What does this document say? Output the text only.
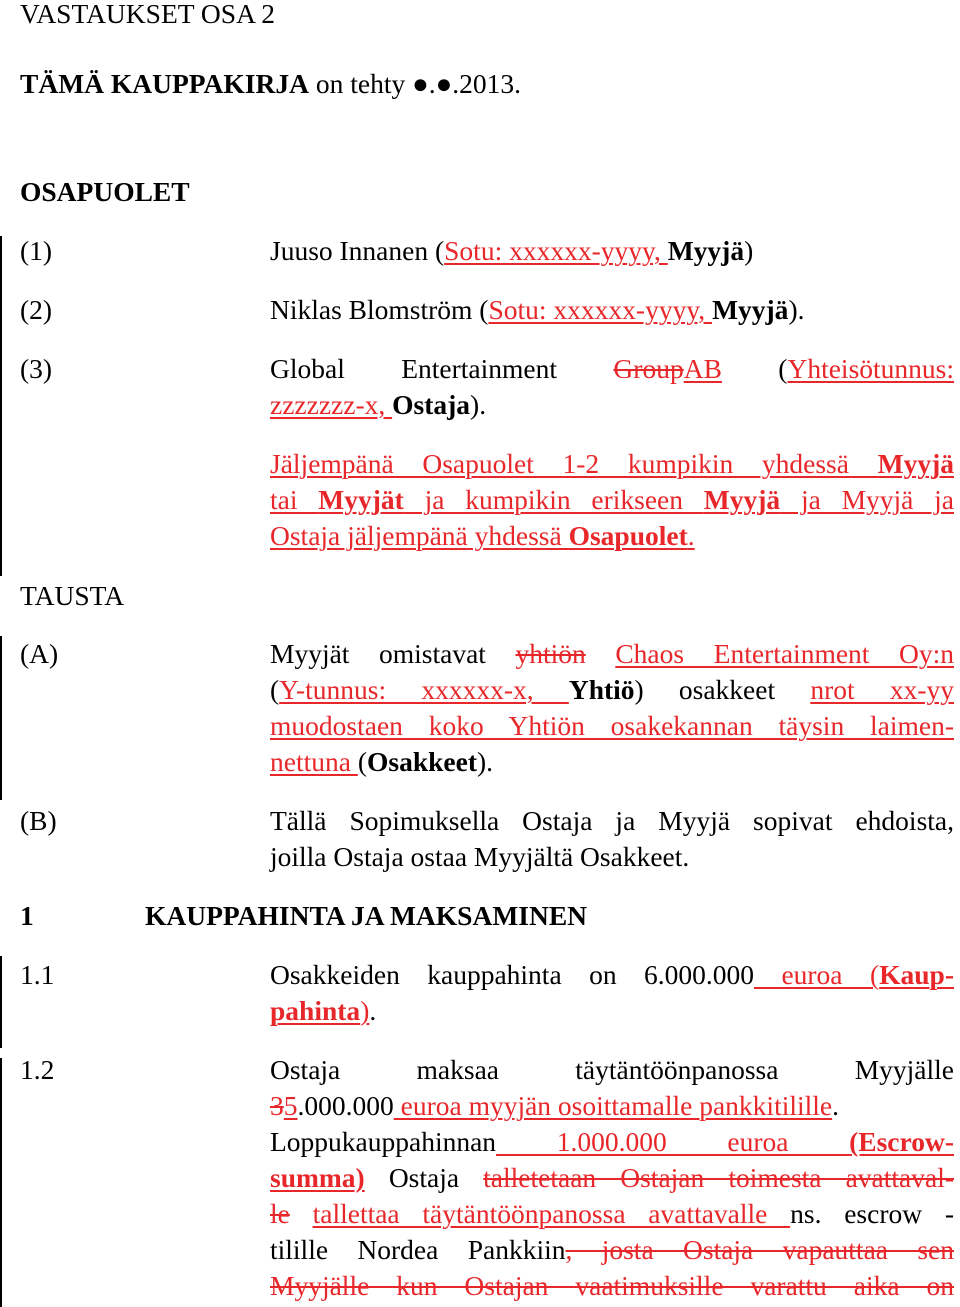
VASTAUKSET OSA 2
TÄMÄ KAUPPAKIRJA on tehty ●.●.2013.
OSAPUOLET
(1)	Juuso Innanen (Sotu: xxxxxx-yyyy, Myyjä)
(2)	Niklas Blomström (Sotu: xxxxxx-yyyy, Myyjä).
(3)	Global Entertainment GroupAB (Yhteisötunnus:
zzzzzzz-x, Ostaja).
Jäljempänä Osapuolet 1-2 kumpikin yhdessä Myyjä
tai Myyjät ja kumpikin erikseen Myyjä ja Myyjä ja
Ostaja jäljempänä yhdessä Osapuolet.
TAUSTA
(A)	Myyjät omistavat yhtiön Chaos Entertainment Oy:n
(Y-tunnus: xxxxxx-x, Yhtiö) osakkeet nrot xx-yy
muodostaen koko Yhtiön osakekannan täysin laimen-
nettuna (Osakkeet).
(B)	Tällä Sopimuksella Ostaja ja Myyjä sopivat ehdoista,
joilla Ostaja ostaa Myyjältä Osakkeet.
1	KAUPPAHINTA JA MAKSAMINEN
1.1	Osakkeiden kauppahinta on 6.000.000 euroa (Kaup-
pahinta).
1.2	Ostaja maksaa täytäntöönpanossa Myyjälle
35.000.000 euroa myyjän osoittamalle pankkitilille.
Loppukauppahinnan 1.000.000 euroa (Escrow-
summa) Ostaja talletetaan Ostajan toimesta avattaval-
le tallettaa täytäntöönpanossa avattavalle ns. escrow -
tilille Nordea Pankkiin, josta Ostaja vapauttaa sen
Myyjälle kun Ostajan vaatimuksille varattu aika on
